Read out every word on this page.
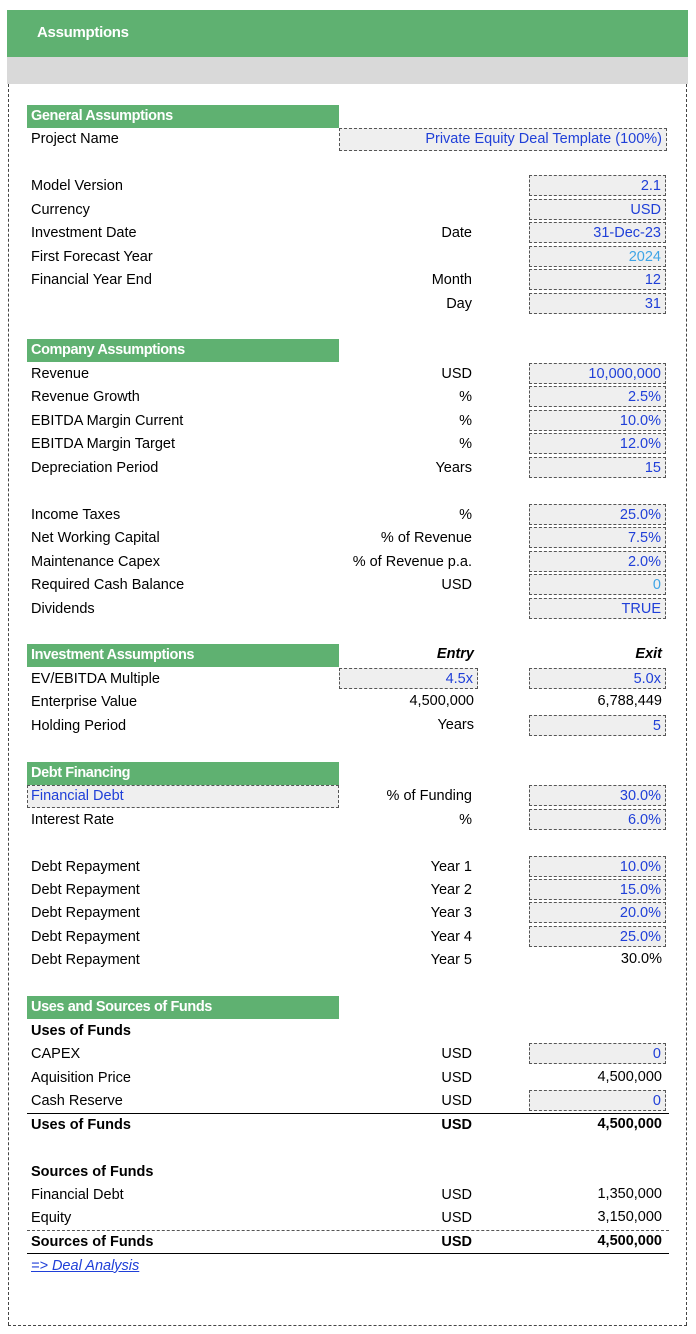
Assumptions
General Assumptions
Project Name	Private Equity Deal Template (100%)
Model Version	2.1
Currency	USD
Investment Date	Date	31-Dec-23
First Forecast Year	2024
Financial Year End	Month	12
Day	31
Company Assumptions
Revenue	USD	10,000,000
Revenue Growth	%	2.5%
EBITDA Margin Current	%	10.0%
EBITDA Margin Target	%	12.0%
Depreciation Period	Years	15
Income Taxes	%	25.0%
Net Working Capital	% of Revenue	7.5%
Maintenance Capex	% of Revenue p.a.	2.0%
Required Cash Balance	USD	0
Dividends	TRUE
Investment Assumptions	Entry	Exit
EV/EBITDA Multiple	4.5x	5.0x
Enterprise Value	4,500,000	6,788,449
Holding Period	Years	5
Debt Financing
Financial Debt	% of Funding	30.0%
Interest Rate	%	6.0%
Debt Repayment	Year 1	10.0%
Debt Repayment	Year 2	15.0%
Debt Repayment	Year 3	20.0%
Debt Repayment	Year 4	25.0%
Debt Repayment	Year 5	30.0%
Uses and Sources of Funds
Uses of Funds
CAPEX	USD	0
Aquisition Price	USD	4,500,000
Cash Reserve	USD	0
Uses of Funds	USD	4,500,000
Sources of Funds
Financial Debt	USD	1,350,000
Equity	USD	3,150,000
Sources of Funds	USD	4,500,000
=> Deal Analysis
